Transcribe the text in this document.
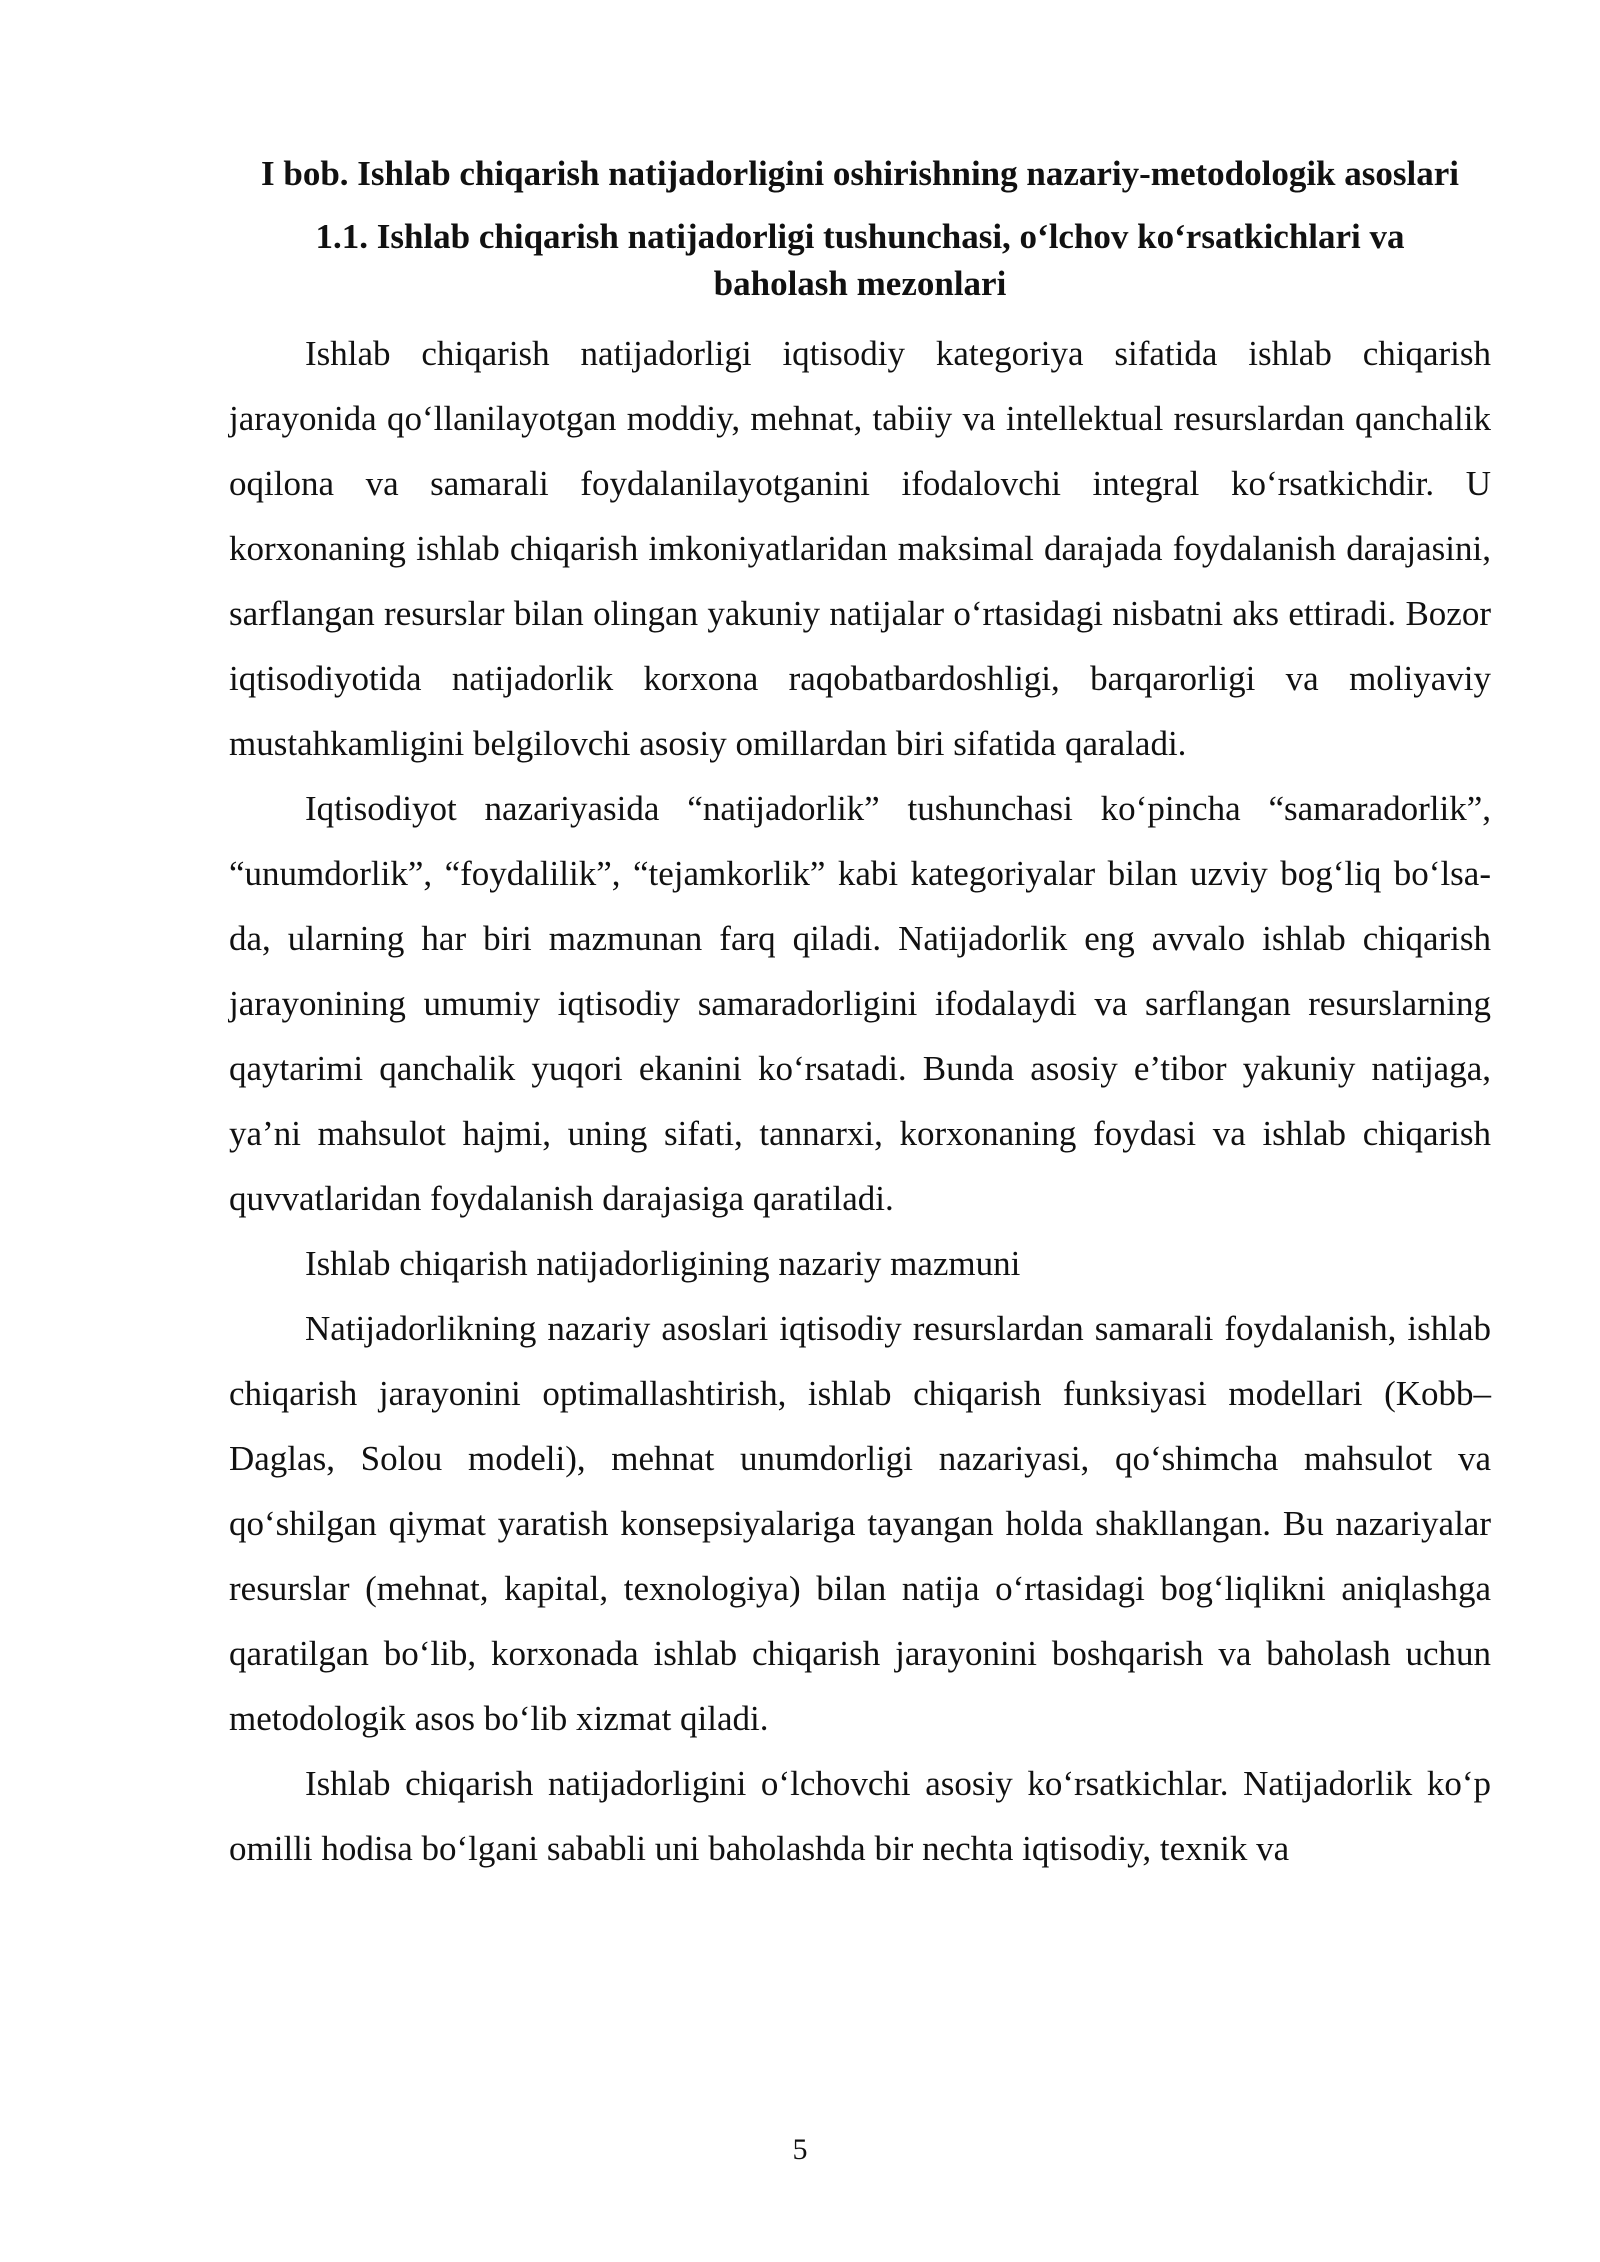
I bob. Ishlab chiqarish natijadorligini oshirishning nazariy-metodologik asoslari
1.1. Ishlab chiqarish natijadorligi tushunchasi, o‘lchov ko‘rsatkichlari va baholash mezonlari

Ishlab chiqarish natijadorligi iqtisodiy kategoriya sifatida ishlab chiqarish jarayonida qo‘llanilayotgan moddiy, mehnat, tabiiy va intellektual resurslardan qanchalik oqilona va samarali foydalanilayotganini ifodalovchi integral ko‘rsatkichdir. U korxonaning ishlab chiqarish imkoniyatlaridan maksimal darajada foydalanish darajasini, sarflangan resurslar bilan olingan yakuniy natijalar o‘rtasidagi nisbatni aks ettiradi. Bozor iqtisodiyotida natijadorlik korxona raqobatbardoshligi, barqarorligi va moliyaviy mustahkamligini belgilovchi asosiy omillardan biri sifatida qaraladi.

Iqtisodiyot nazariyasida “natijadorlik” tushunchasi ko‘pincha “samaradorlik”, “unumdorlik”, “foydalilik”, “tejamkorlik” kabi kategoriyalar bilan uzviy bog‘liq bo‘lsa-da, ularning har biri mazmunan farq qiladi. Natijadorlik eng avvalo ishlab chiqarish jarayonining umumiy iqtisodiy samaradorligini ifodalaydi va sarflangan resurslarning qaytarimi qanchalik yuqori ekanini ko‘rsatadi. Bunda asosiy e’tibor yakuniy natijaga, ya’ni mahsulot hajmi, uning sifati, tannarxi, korxonaning foydasi va ishlab chiqarish quvvatlaridan foydalanish darajasiga qaratiladi.

Ishlab chiqarish natijadorligining nazariy mazmuni

Natijadorlikning nazariy asoslari iqtisodiy resurslardan samarali foydalanish, ishlab chiqarish jarayonini optimallashtirish, ishlab chiqarish funksiyasi modellari (Kobb–Daglas, Solou modeli), mehnat unumdorligi nazariyasi, qo‘shimcha mahsulot va qo‘shilgan qiymat yaratish konsepsiyalariga tayangan holda shakllangan. Bu nazariyalar resurslar (mehnat, kapital, texnologiya) bilan natija o‘rtasidagi bog‘liqlikni aniqlashga qaratilgan bo‘lib, korxonada ishlab chiqarish jarayonini boshqarish va baholash uchun metodologik asos bo‘lib xizmat qiladi.

Ishlab chiqarish natijadorligini o‘lchovchi asosiy ko‘rsatkichlar. Natijadorlik ko‘p omilli hodisa bo‘lgani sababli uni baholashda bir nechta iqtisodiy, texnik va

5
